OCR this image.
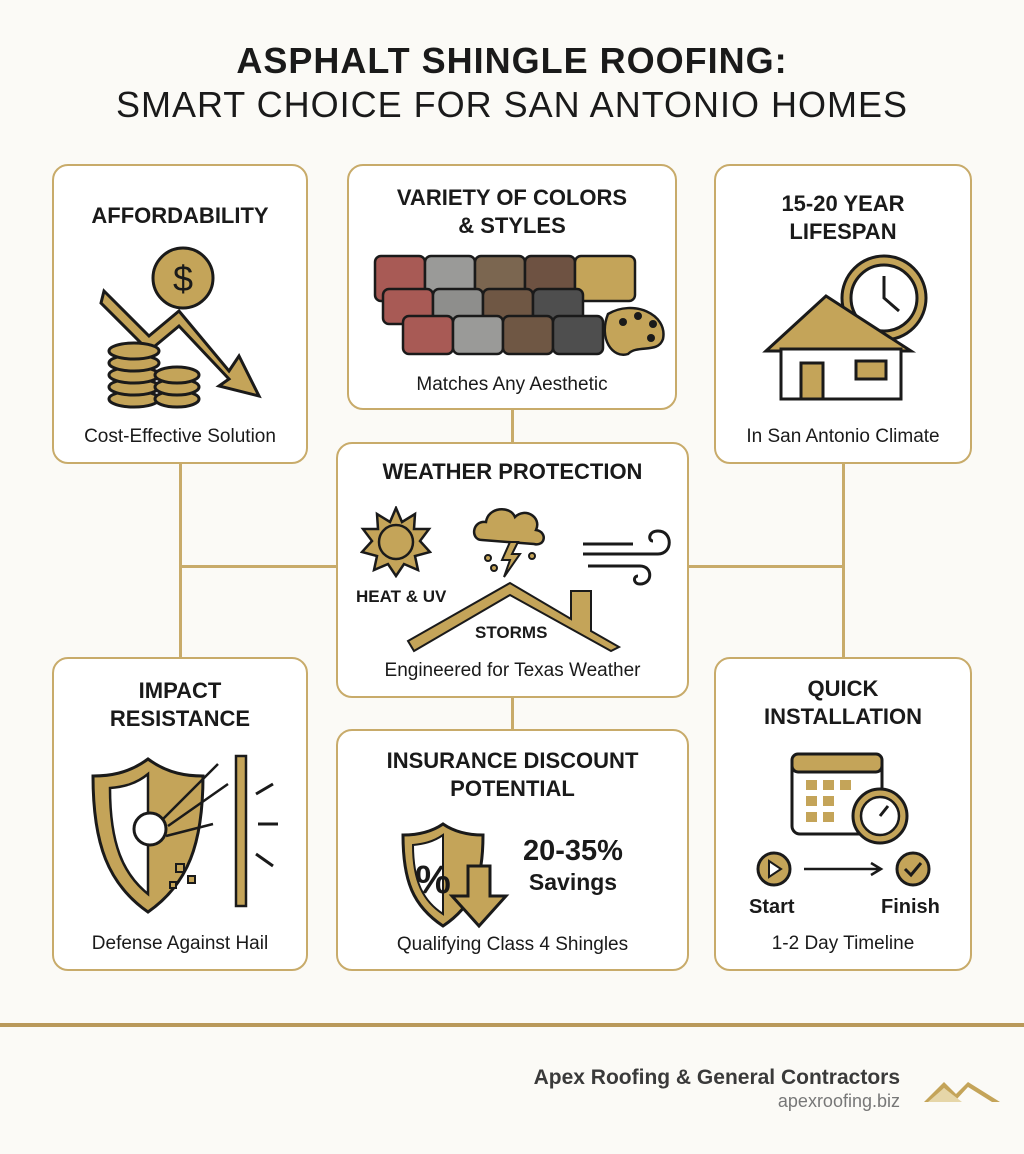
ASPHALT SHINGLE ROOFING:
SMART CHOICE FOR SAN ANTONIO HOMES
AFFORDABILITY
$
Cost-Effective Solution
VARIETY OF COLORS
& STYLES
Matches Any Aesthetic
15-20 YEAR
LIFESPAN
In San Antonio Climate
WEATHER PROTECTION
HEAT & UV
STORMS
Engineered for Texas Weather
IMPACT
RESISTANCE
Defense Against Hail
INSURANCE DISCOUNT
POTENTIAL
%
20-35%
Savings
Qualifying Class 4 Shingles
QUICK
INSTALLATION
Start	Finish
1-2 Day Timeline
Apex Roofing & General Contractors
apexroofing.biz
